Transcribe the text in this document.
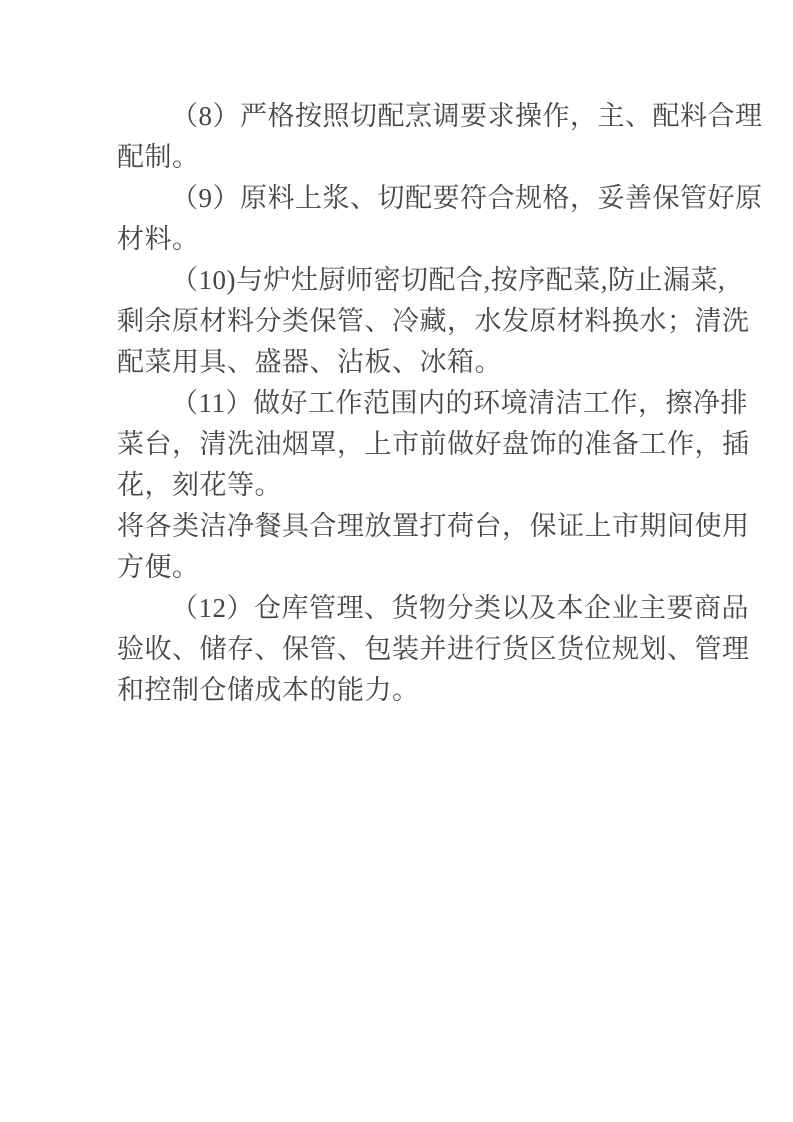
（8）严格按照切配烹调要求操作，主、配料合理
配制。

（9）原料上浆、切配要符合规格，妥善保管好原
材料。

（10)与炉灶厨师密切配合,按序配菜,防止漏菜,
剩余原材料分类保管、冷藏，水发原材料换水；清洗
配菜用具、盛器、沾板、冰箱。

（11）做好工作范围内的环境清洁工作，擦净排
菜台，清洗油烟罩，上市前做好盘饰的准备工作，插
花，刻花等。

将各类洁净餐具合理放置打荷台，保证上市期间使用
方便。

（12）仓库管理、货物分类以及本企业主要商品
验收、储存、保管、包装并进行货区货位规划、管理
和控制仓储成本的能力。
